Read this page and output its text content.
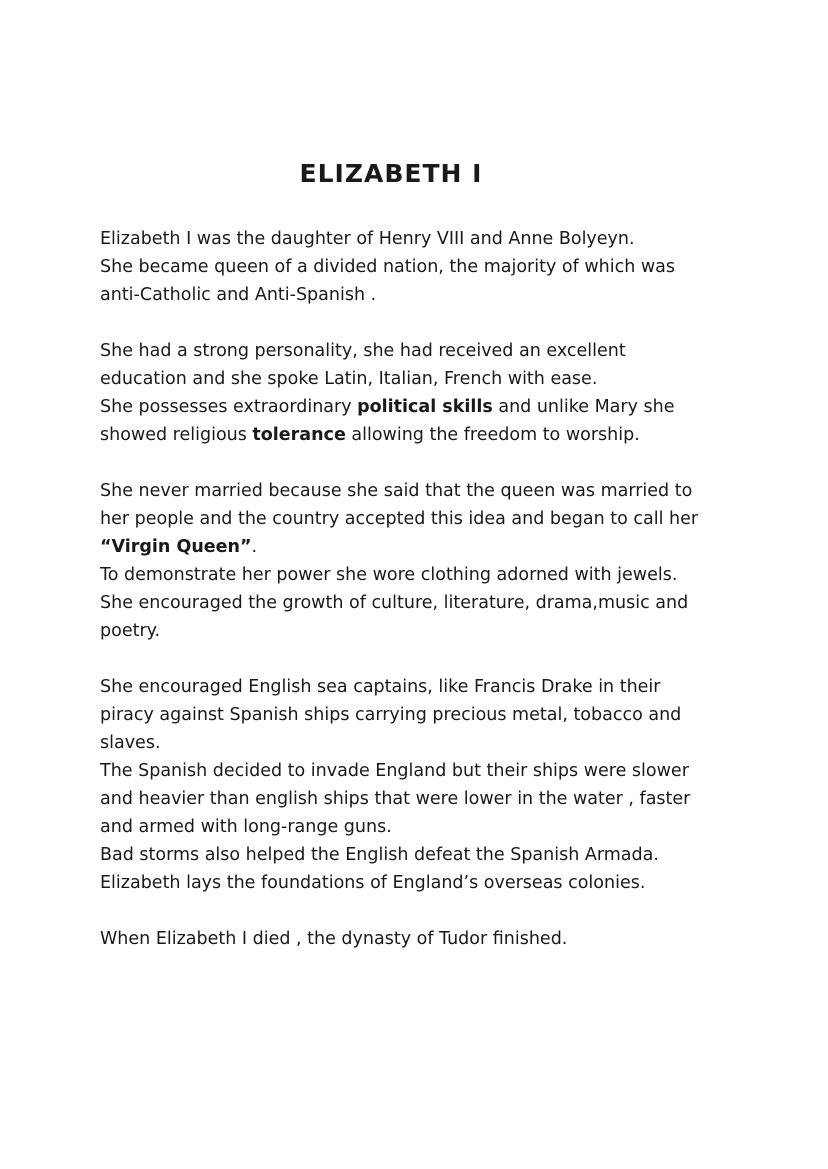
ELIZABETH I
Elizabeth I was the daughter of Henry VIII and Anne Bolyeyn.
She became queen of a divided nation, the majority of which was
anti-Catholic and Anti-Spanish .
She had a strong personality, she had received an excellent
education and she spoke Latin, Italian, French with ease.
She possesses extraordinary political skills and unlike Mary she
showed religious tolerance allowing the freedom to worship.
She never married because she said that the queen was married to
her people and the country accepted this idea and began to call her
“Virgin Queen”.
To demonstrate her power she wore clothing adorned with jewels.
She encouraged the growth of culture, literature, drama,music and
poetry.
She encouraged English sea captains, like Francis Drake in their
piracy against Spanish ships carrying precious metal, tobacco and
slaves.
The Spanish decided to invade England but their ships were slower
and heavier than english ships that were lower in the water , faster
and armed with long-range guns.
Bad storms also helped the English defeat the Spanish Armada.
Elizabeth lays the foundations of England’s overseas colonies.
When Elizabeth I died , the dynasty of Tudor finished.
